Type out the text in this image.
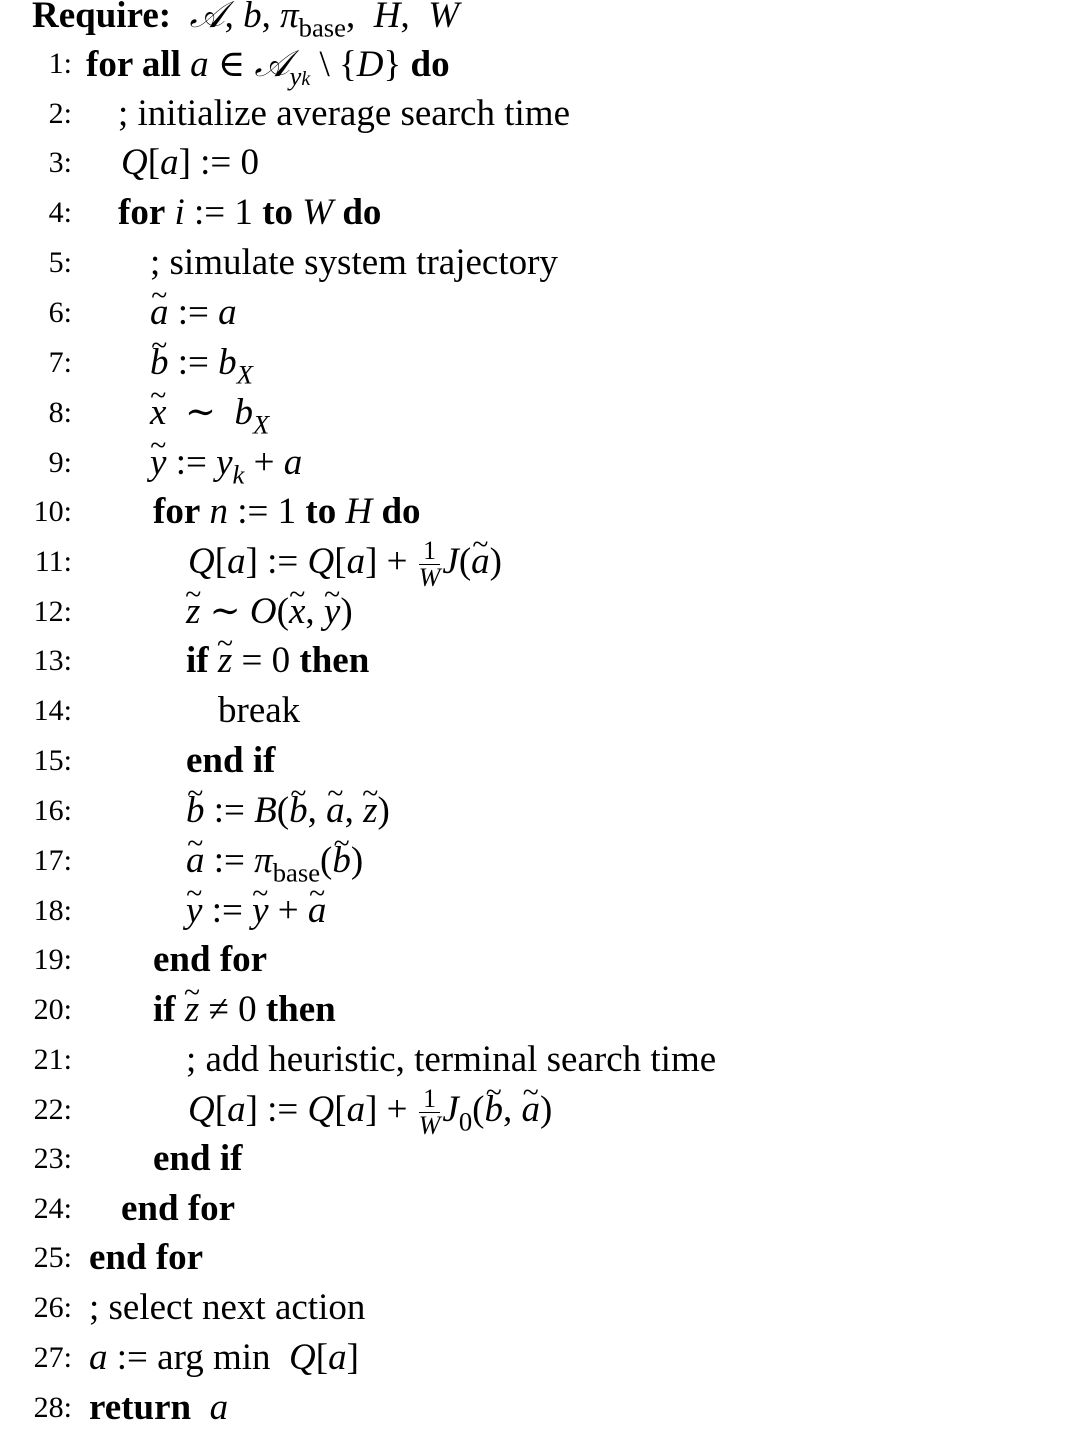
Require: 𝒜, b, $\pi_{base}$,  H,  W
1: for all a ∈ 𝒜$_{yk}$ \ {D} do
2: ; initialize average search time
3: Q[a] := 0
4: for i := 1 to W do
5: ; simulate system trajectory
6: ~ a := a
7: ~ b := $b_X$
8: ~ x  ∼  $b_X$
9: ~ y := $y_k + a$
10: for n := 1 to H do
11:	Q[a] := $Q[a] + \frac{1}{W}$ J(~ a)
12:	~ z ∼ O(~ x, ~ y)
13:	if ~ z = 0 then
14:	break
15:	end if
16:	~ b := B(~ b, ~ a, ~ z)
17:	~ a := $\pi_{base}(\sim$ b)
18:	~ y := ~ y + ~ a
19: end for
20: if ~ z ≠ 0 then
21:	; add heuristic, terminal search time
22:	Q[a] := $Q[a] + \frac{1}{W}$ $J_0(\sim$ b, ~ a)
23: end if
24: end for
25: end for
26: ; select next action
27: a := arg min  Q[a]
28: return a
